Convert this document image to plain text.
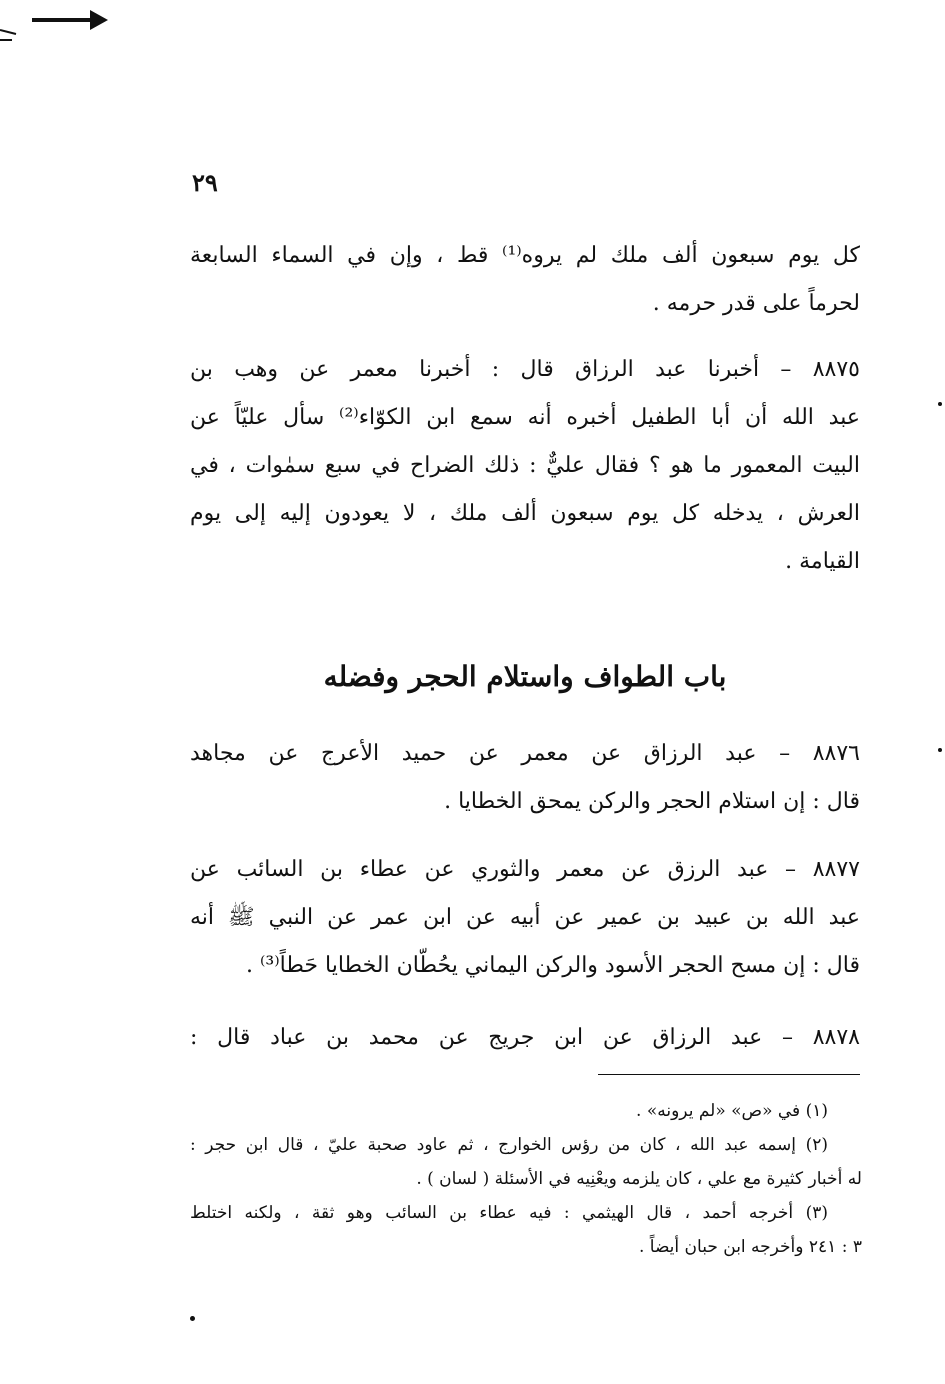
٢٩
كل يوم سبعون ألف ملك لم يروه⁽¹⁾ قط ، وإن في السماء السابعة
لحرماً على قدر حرمه .
٨٨٧٥ – أخبرنا عبد الرزاق قال : أخبرنا معمر عن وهب بن
عبد الله أن أبا الطفيل أخبره أنه سمع ابن الكوّاء⁽²⁾ سأل عليّاً عن
البيت المعمور ما هو ؟ فقال عليٌّ : ذلك الضراح في سبع سمٰوات ، في
العرش ، يدخله كل يوم سبعون ألف ملك ، لا يعودون إليه إلى يوم
القيامة .
باب الطواف واستلام الحجر وفضله
٨٨٧٦ – عبد الرزاق عن معمر عن حميد الأعرج عن مجاهد
قال : إن استلام الحجر والركن يمحق الخطايا .
٨٨٧٧ – عبد الرزق عن معمر والثوري عن عطاء بن السائب عن
عبد الله بن عبيد بن عمير عن أبيه عن ابن عمر عن النبي ﷺ أنه
قال : إن مسح الحجر الأسود والركن اليماني يحُطّان الخطايا حَطاً⁽³⁾ .
٨٨٧٨ – عبد الرزاق عن ابن جريج عن محمد بن عباد قال :
(١) في «ص» «لم يرونه» .
(٢) إسمه عبد الله ، كان من رؤس الخوارج ، ثم عاود صحبة عليّ ، قال ابن حجر :
له أخبار كثيرة مع علي ، كان يلزمه ويعْنِيه في الأسئلة ( لسان ) .
(٣) أخرجه أحمد ، قال الهيثمي : فيه عطاء بن السائب وهو ثقة ، ولكنه اختلط
٣ : ٢٤١ وأخرجه ابن حبان أيضاً .
